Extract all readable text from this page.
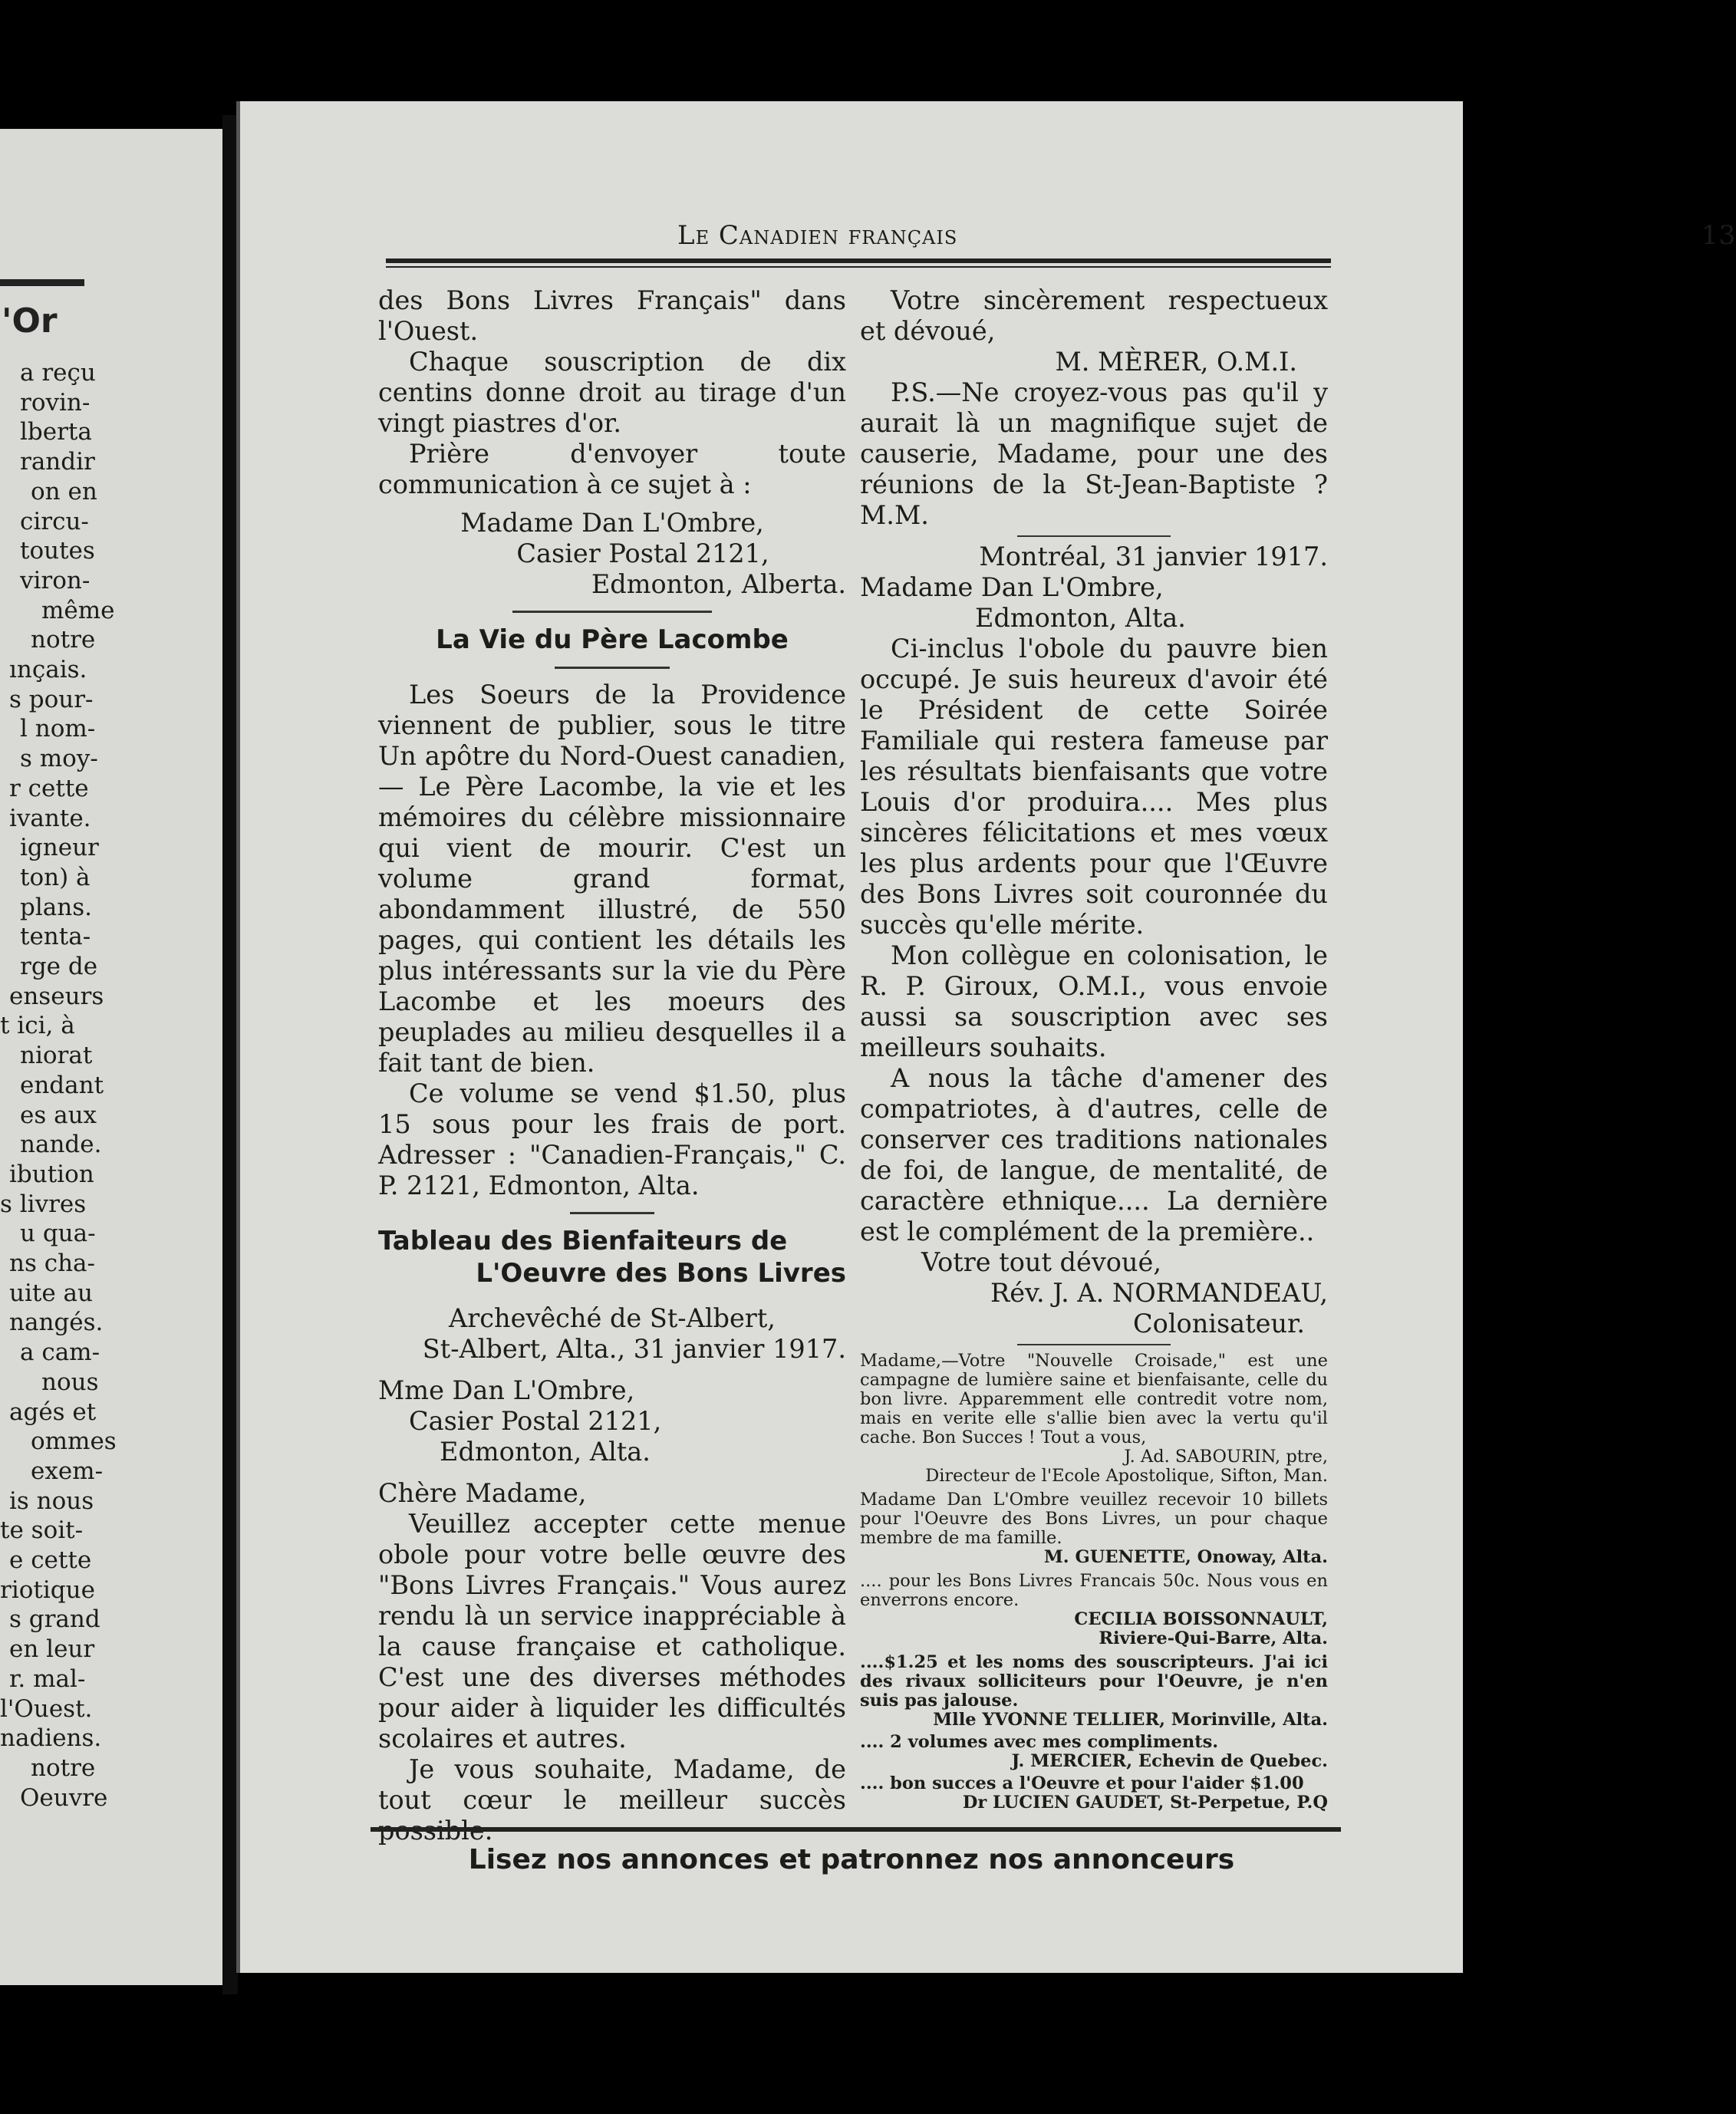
'Or
a reçu
rovin-
lberta
randir
on en
circu-
toutes
viron-
même
notre
ınçais.
s pour-
l nom-
s moy-
r cette
ivante.
igneur
ton) à
plans.
tenta-
rge de
enseurs
t ici, à
niorat
endant
es aux
nande.
ibution
s livres
u qua-
ns cha-
uite au
nangés.
a cam-
nous
agés et
ommes
exem-
is nous
te soit-
e cette
riotique
s grand
en leur
r. mal-
l'Ouest.
nadiens.
notre
Oeuvre
Le Canadien français	13

des Bons Livres Français" dans l'Ouest.

Chaque souscription de dix centins donne droit au tirage d'un vingt piastres d'or.

Prière d'envoyer toute communication à ce sujet à :

Madame Dan L'Ombre,

Casier Postal 2121,

Edmonton, Alberta.

La Vie du Père Lacombe

Les Soeurs de la Providence viennent de publier, sous le titre Un apôtre du Nord-Ouest canadien,— Le Père Lacombe, la vie et les mémoires du célèbre missionnaire qui vient de mourir. C'est un volume grand format, abondamment illustré, de 550 pages, qui contient les détails les plus intéressants sur la vie du Père Lacombe et les moeurs des peuplades au milieu desquelles il a fait tant de bien.

Ce volume se vend $1.50, plus 15 sous pour les frais de port. Adresser : "Canadien-Français," C. P. 2121, Edmonton, Alta.

Tableau des Bienfaiteurs de

L'Oeuvre des Bons Livres

Archevêché de St-Albert,

St-Albert, Alta., 31 janvier 1917.

Mme Dan L'Ombre,

Casier Postal 2121,

Edmonton, Alta.

Chère Madame,

Veuillez accepter cette menue obole pour votre belle œuvre des "Bons Livres Français." Vous aurez rendu là un service inappréciable à la cause française et catholique. C'est une des diverses méthodes pour aider à liquider les difficultés scolaires et autres.

Je vous souhaite, Madame, de tout cœur le meilleur succès

Votre sincèrement respectueux et dévoué,

M. MÈRER, O.M.I.

P.S.—Ne croyez-vous pas qu'il y aurait là un magnifique sujet de causerie, Madame, pour une des réunions de la St-Jean-Baptiste ? M.M.

Montréal, 31 janvier 1917.

Madame Dan L'Ombre,

Edmonton, Alta.

Ci-inclus l'obole du pauvre bien occupé. Je suis heureux d'avoir été le Président de cette Soirée Familiale qui restera fameuse par les résultats bienfaisants que votre Louis d'or produira.... Mes plus sincères félicitations et mes vœux les plus ardents pour que l'Œuvre des Bons Livres soit couronnée du succès qu'elle mérite.

Mon collègue en colonisation, le R. P. Giroux, O.M.I., vous envoie aussi sa souscription avec ses meilleurs souhaits.

A nous la tâche d'amener des compatriotes, à d'autres, celle de conserver ces traditions nationales de foi, de langue, de mentalité, de caractère ethnique.... La dernière est le complément de la première..

Votre tout dévoué,

Rév. J. A. NORMANDEAU,

Colonisateur.

Madame,—Votre "Nouvelle Croisade," est une campagne de lumière saine et bienfaisante, celle du bon livre. Apparemment elle contredit votre nom, mais en verite elle s'allie bien avec la vertu qu'il cache. Bon Succes ! Tout a vous,

J. Ad. SABOURIN, ptre,

Directeur de l'Ecole Apostolique, Sifton, Man.

Madame Dan L'Ombre veuillez recevoir 10 billets pour l'Oeuvre des Bons Livres, un pour chaque membre de ma famille.

M. GUENETTE, Onoway, Alta.

.... pour les Bons Livres Francais 50c. Nous vous en enverrons encore.

CECILIA BOISSONNAULT,

Riviere-Qui-Barre, Alta.

....$1.25 et les noms des souscripteurs. J'ai ici des rivaux solliciteurs pour l'Oeuvre, je n'en suis pas jalouse.

Mlle YVONNE TELLIER, Morinville, Alta.

.... 2 volumes avec mes compliments.

J. MERCIER, Echevin de Quebec.

.... bon succes a l'Oeuvre et pour l'aider $1.00

Dr LUCIEN GAUDET, St-Perpetue, P.Q

Lisez nos annonces et patronnez nos annonceurs
